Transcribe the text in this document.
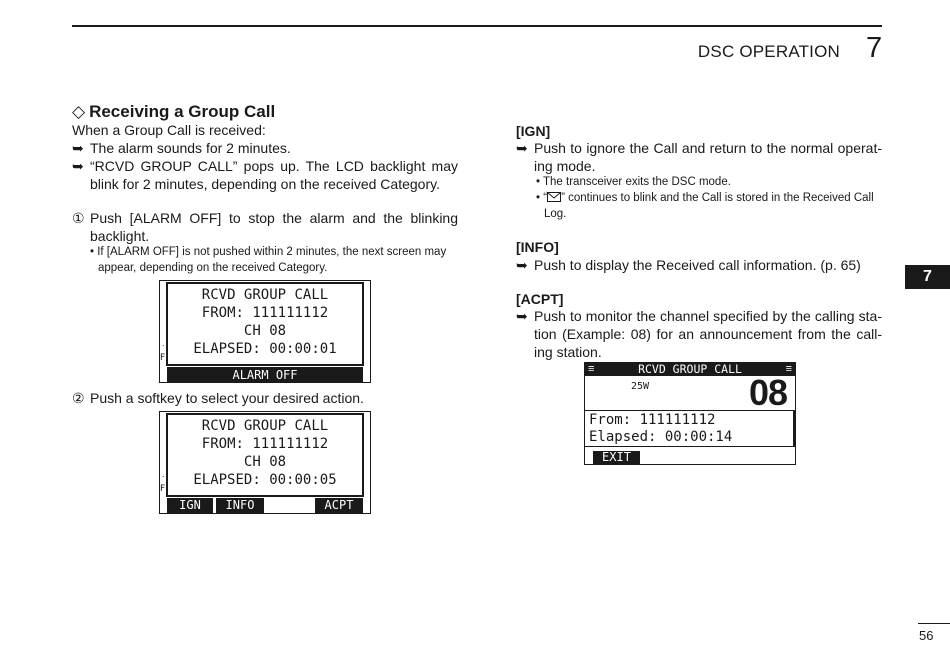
DSC OPERATION 7
◇ Receiving a Group Call
When a Group Call is received:
➥ The alarm sounds for 2 minutes.
➥ “RCVD GROUP CALL” pops up. The LCD backlight may blink for 2 minutes, depending on the received Category.
① Push [ALARM OFF] to stop the alarm and the blinking backlight.
• If [ALARM OFF] is not pushed within 2 minutes, the next screen may appear, depending on the received Category.
.
F
RCVD GROUP CALL
FROM: 111111112
CH 08
ELAPSED: 00:00:01
ALARM OFF
② Push a softkey to select your desired action.
.
F
RCVD GROUP CALL
FROM: 111111112
CH 08
ELAPSED: 00:00:05
IGN	INFO	ACPT
[IGN]
➥ Push to ignore the Call and return to the normal operat-ing mode.
• The transceiver exits the DSC mode.
• “ ” continues to blink and the Call is stored in the Received Call Log.
[INFO]
➥ Push to display the Received call information. (p. 65)
[ACPT]
➥ Push to monitor the channel specified by the calling sta-tion (Example: 08) for an announcement from the call-ing station.
≡	≡
RCVD GROUP CALL
25W	08
From: 111111112
Elapsed: 00:00:14
EXIT
7
56
